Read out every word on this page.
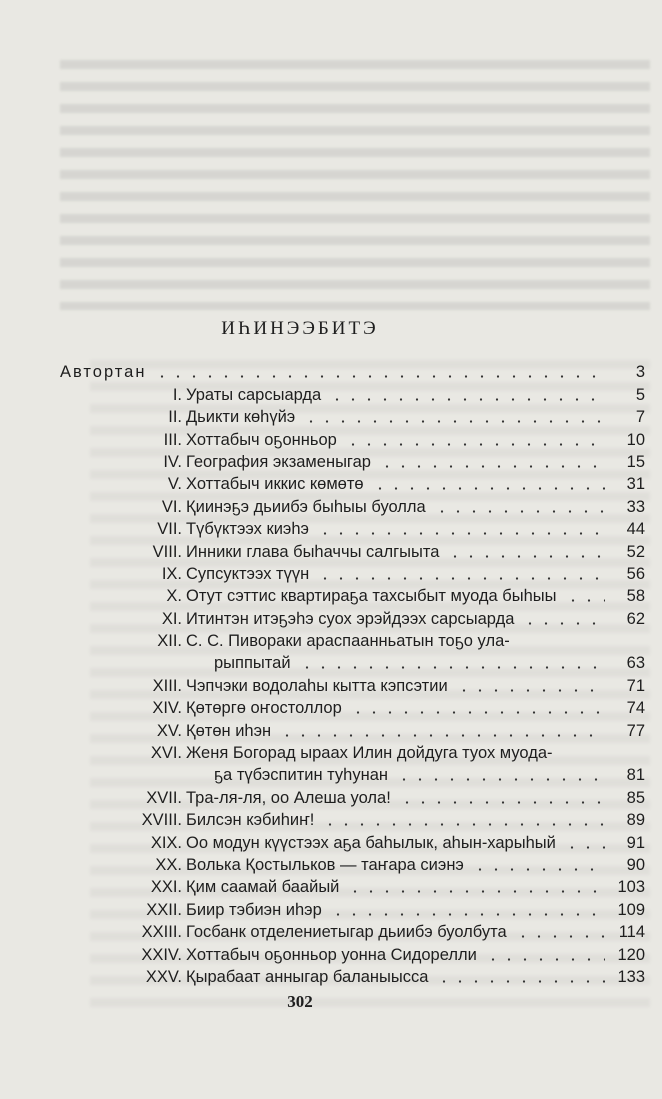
ИҺИНЭЭБИТЭ
Автортан	3
I. Ураты сарсыарда	5
II. Дьикти көһүйэ	7
III. Хоттабыч оҕонньор	10
IV. География экзаменыгар	15
V. Хоттабыч иккис көмөтө	31
VI. Қиинэҕэ дьиибэ быһыы буолла	33
VII. Түбүктээх киэһэ	44
VIII. Инники глава быһаччы салгыыта	52
IX. Супсуктээх түүн	56
X. Отут сэттис квартираҕа тахсыбыт муода быһыы	58
XI. Итинтэн итэҕэһэ суох эрэйдээх сарсыарда	62
XII. С. С. Пивораки араспаанньатын тоҕо ула-
рыппытай	63
XIII. Чэпчэки водолаһы кытта кэпсэтии	71
XIV. Қөтөргө оҥостоллор	74
XV. Қөтөн иһэн	77
XVI. Женя Богорад ыраах Илин дойдуга туох муода-
ҕа түбэспитин туһунан	81
XVII. Тра-ля-ля, оо Алеша уола!	85
XVIII. Билсэн кэбиһиҥ!	89
XIX. Оо модун күүстээх аҕа баһылык, аһын-харыһый	91
XX. Волька Қостыльков — таҥара сиэнэ	90
XXI. Қим саамай баайый	103
XXII. Биир тэбиэн иһэр	109
XXIII. Госбанк отделениетыгар дьиибэ буолбута	114
XXIV. Хоттабыч оҕонньор уонна Сидорелли	120
XXV. Қырабаат анныгар баланыысса	133
302
